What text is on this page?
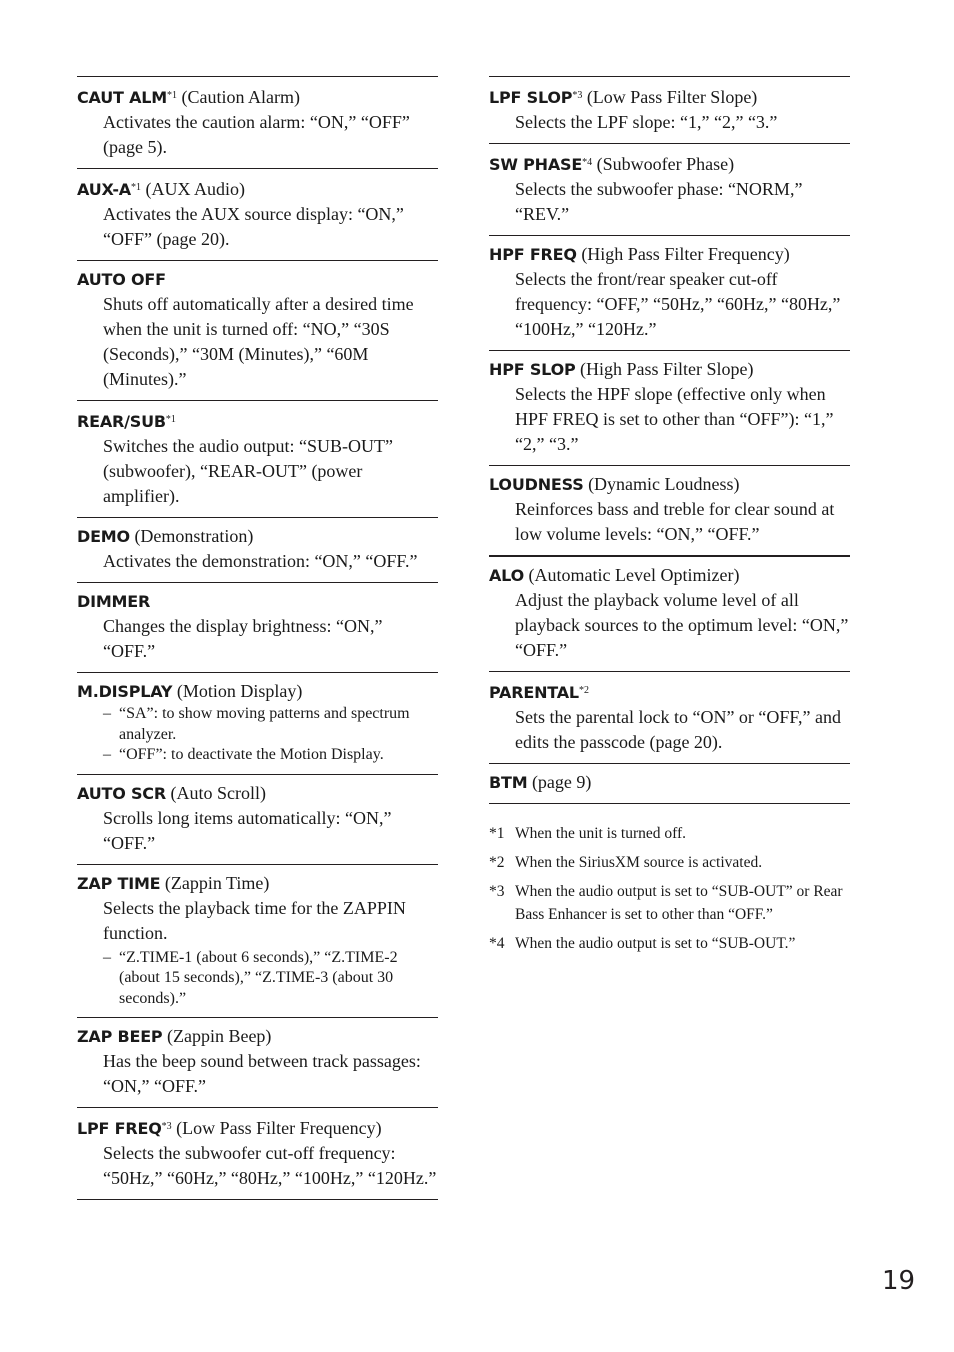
CAUT ALM$^{*1}$ (Caution Alarm)
Activates the caution alarm: “ON,” “OFF” (page 5).
AUX-A$^{*1}$ (AUX Audio)
Activates the AUX source display: “ON,” “OFF” (page 20).
AUTO OFF
Shuts off automatically after a desired time when the unit is turned off: “NO,” “30S (Seconds),” “30M (Minutes),” “60M (Minutes).”
REAR/SUB$^{*1}$
Switches the audio output: “SUB-OUT” (subwoofer), “REAR-OUT” (power amplifier).
DEMO (Demonstration)
Activates the demonstration: “ON,” “OFF.”
DIMMER
Changes the display brightness: “ON,” “OFF.”
M.DISPLAY (Motion Display)
– “SA”: to show moving patterns and spectrum analyzer.
– “OFF”: to deactivate the Motion Display.
AUTO SCR (Auto Scroll)
Scrolls long items automatically: “ON,” “OFF.”
ZAP TIME (Zappin Time)
Selects the playback time for the ZAPPIN function.
– “Z.TIME-1 (about 6 seconds),” “Z.TIME-2 (about 15 seconds),” “Z.TIME-3 (about 30 seconds).”
ZAP BEEP (Zappin Beep)
Has the beep sound between track passages: “ON,” “OFF.”
LPF FREQ$^{*3}$ (Low Pass Filter Frequency)
Selects the subwoofer cut-off frequency: “50Hz,” “60Hz,” “80Hz,” “100Hz,” “120Hz.”
LPF SLOP$^{*3}$ (Low Pass Filter Slope)
Selects the LPF slope: “1,” “2,” “3.”
SW PHASE$^{*4}$ (Subwoofer Phase)
Selects the subwoofer phase: “NORM,” “REV.”
HPF FREQ (High Pass Filter Frequency)
Selects the front/rear speaker cut-off frequency: “OFF,” “50Hz,” “60Hz,” “80Hz,” “100Hz,” “120Hz.”
HPF SLOP (High Pass Filter Slope)
Selects the HPF slope (effective only when HPF FREQ is set to other than “OFF”): “1,” “2,” “3.”
LOUDNESS (Dynamic Loudness)
Reinforces bass and treble for clear sound at low volume levels: “ON,” “OFF.”
ALO (Automatic Level Optimizer)
Adjust the playback volume level of all playback sources to the optimum level: “ON,” “OFF.”
PARENTAL$^{*2}$
Sets the parental lock to “ON” or “OFF,” and edits the passcode (page 20).
BTM (page 9)
*1 When the unit is turned off.
*2 When the SiriusXM source is activated.
*3 When the audio output is set to “SUB-OUT” or Rear Bass Enhancer is set to other than “OFF.”
*4 When the audio output is set to “SUB-OUT.”
19
